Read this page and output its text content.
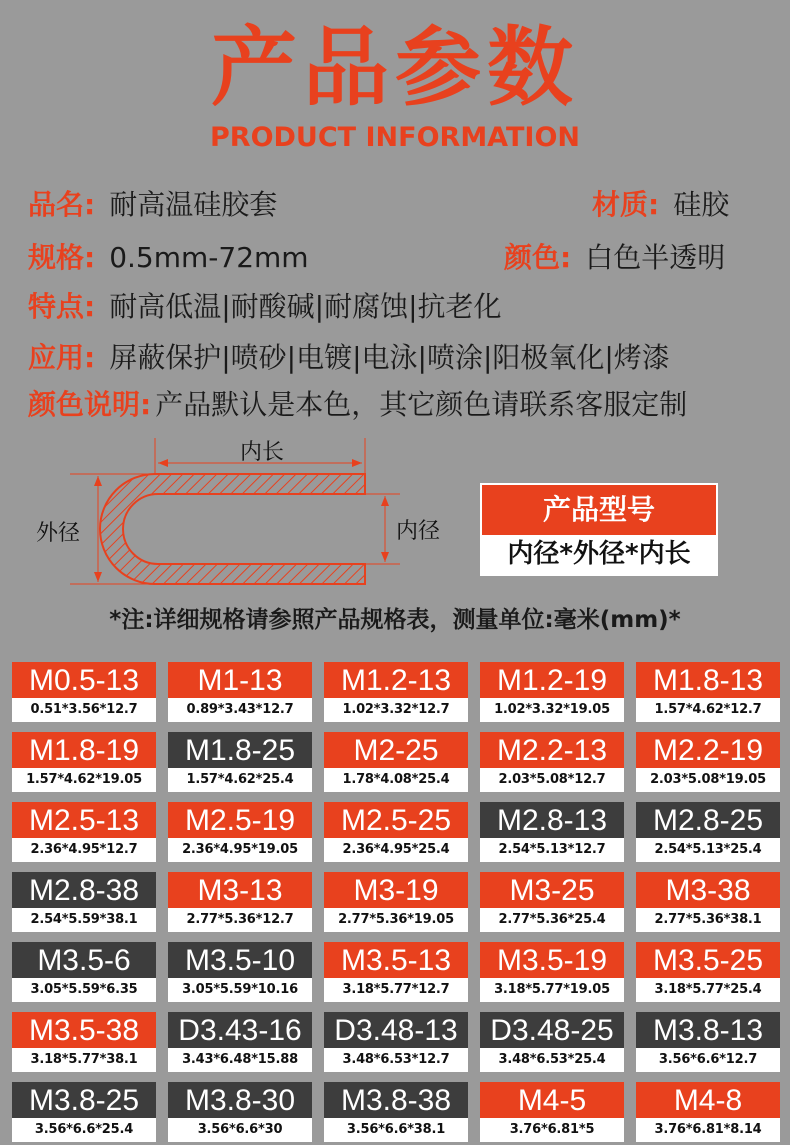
产品参数
PRODUCT INFORMATION
品名: 耐高温硅胶套	材质: 硅胶
规格: 0.5mm-72mm	颜色: 白色半透明
特点: 耐高低温|耐酸碱|耐腐蚀|抗老化
应用: 屏蔽保护|喷砂|电镀|电泳|喷涂|阳极氧化|烤漆
颜色说明: 产品默认是本色，其它颜色请联系客服定制
内长
外径	内径
产品型号
内径*外径*内长
*注:详细规格请参照产品规格表，测量单位:毫米(mm)*
M0.5-13
0.51*3.56*12.7
M1-13
0.89*3.43*12.7
M1.2-13
1.02*3.32*12.7
M1.2-19
1.02*3.32*19.05
M1.8-13
1.57*4.62*12.7
M1.8-19
1.57*4.62*19.05
M1.8-25
1.57*4.62*25.4
M2-25
1.78*4.08*25.4
M2.2-13
2.03*5.08*12.7
M2.2-19
2.03*5.08*19.05
M2.5-13
2.36*4.95*12.7
M2.5-19
2.36*4.95*19.05
M2.5-25
2.36*4.95*25.4
M2.8-13
2.54*5.13*12.7
M2.8-25
2.54*5.13*25.4
M2.8-38
2.54*5.59*38.1
M3-13
2.77*5.36*12.7
M3-19
2.77*5.36*19.05
M3-25
2.77*5.36*25.4
M3-38
2.77*5.36*38.1
M3.5-6
3.05*5.59*6.35
M3.5-10
3.05*5.59*10.16
M3.5-13
3.18*5.77*12.7
M3.5-19
3.18*5.77*19.05
M3.5-25
3.18*5.77*25.4
M3.5-38
3.18*5.77*38.1
D3.43-16
3.43*6.48*15.88
D3.48-13
3.48*6.53*12.7
D3.48-25
3.48*6.53*25.4
M3.8-13
3.56*6.6*12.7
M3.8-25
3.56*6.6*25.4
M3.8-30
3.56*6.6*30
M3.8-38
3.56*6.6*38.1
M4-5
3.76*6.81*5
M4-8
3.76*6.81*8.14
